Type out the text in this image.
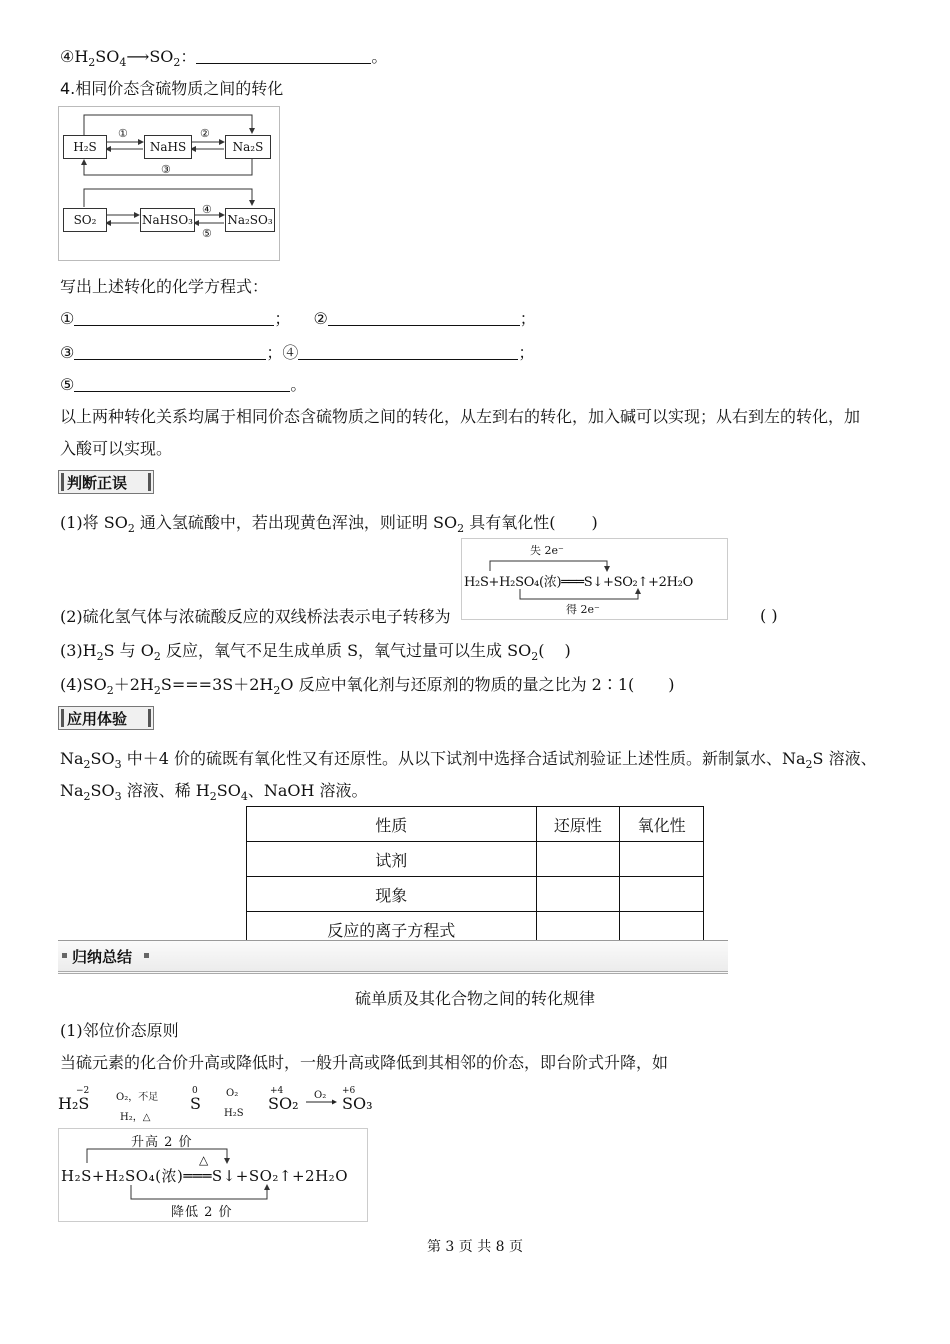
$④H_2SO_4⟶SO_2$：	。
4.相同价态含硫物质之间的转化
H₂S	NaHS	Na₂S
①	②
③
SO₂	NaHSO₃	Na₂SO₃
④
⑤
写出上述转化的化学方程式：
①	； ②	；
③	；④	；
⑤	。
以上两种转化关系均属于相同价态含硫物质之间的转化，从左到右的转化，加入碱可以实现；从右到左的转化，加
入酸可以实现。
判断正误
(1)将 $SO_2$ 通入氢硫酸中，若出现黄色浑浊，则证明 $SO_2$ 具有氧化性( )
失 2e⁻
H₂S+H₂SO₄(浓)═══S↓+SO₂↑+2H₂O
得 2e⁻
(2)硫化氢气体与浓硫酸反应的双线桥法表示电子转移为	( )
$(3)H_2S$ 与 $O_2$ 反应，氧气不足生成单质 S，氧气过量可以生成 $SO_2$( )
$(4)SO_2+2H_2S===3S+2H_2O$ 反应中氧化剂与还原剂的物质的量之比为 2∶1( )
应用体验
$Na_2SO_3$ 中＋4 价的硫既有氧化性又有还原性。从以下试剂中选择合适试剂验证上述性质。新制氯水、$Na_2S$ 溶液、
$Na_2SO_3$ 溶液、稀 $H_2SO_4$、NaOH 溶液。
性质	还原性	氧化性
试剂		
现象		
反应的离子方程式		
归纳总结
硫单质及其化合物之间的转化规律
(1)邻位价态原则
当硫元素的化合价升高或降低时，一般升高或降低到其相邻的价态，即台阶式升降，如
H₂S
−2
O₂，不足
H₂，△
S
0	O₂
H₂S
SO₂
+4	O₂ SO₃
+6
升高 2 价
△
H₂S+H₂SO₄(浓)═══S↓+SO₂↑+2H₂O
降低 2 价
第 3 页 共 8 页
